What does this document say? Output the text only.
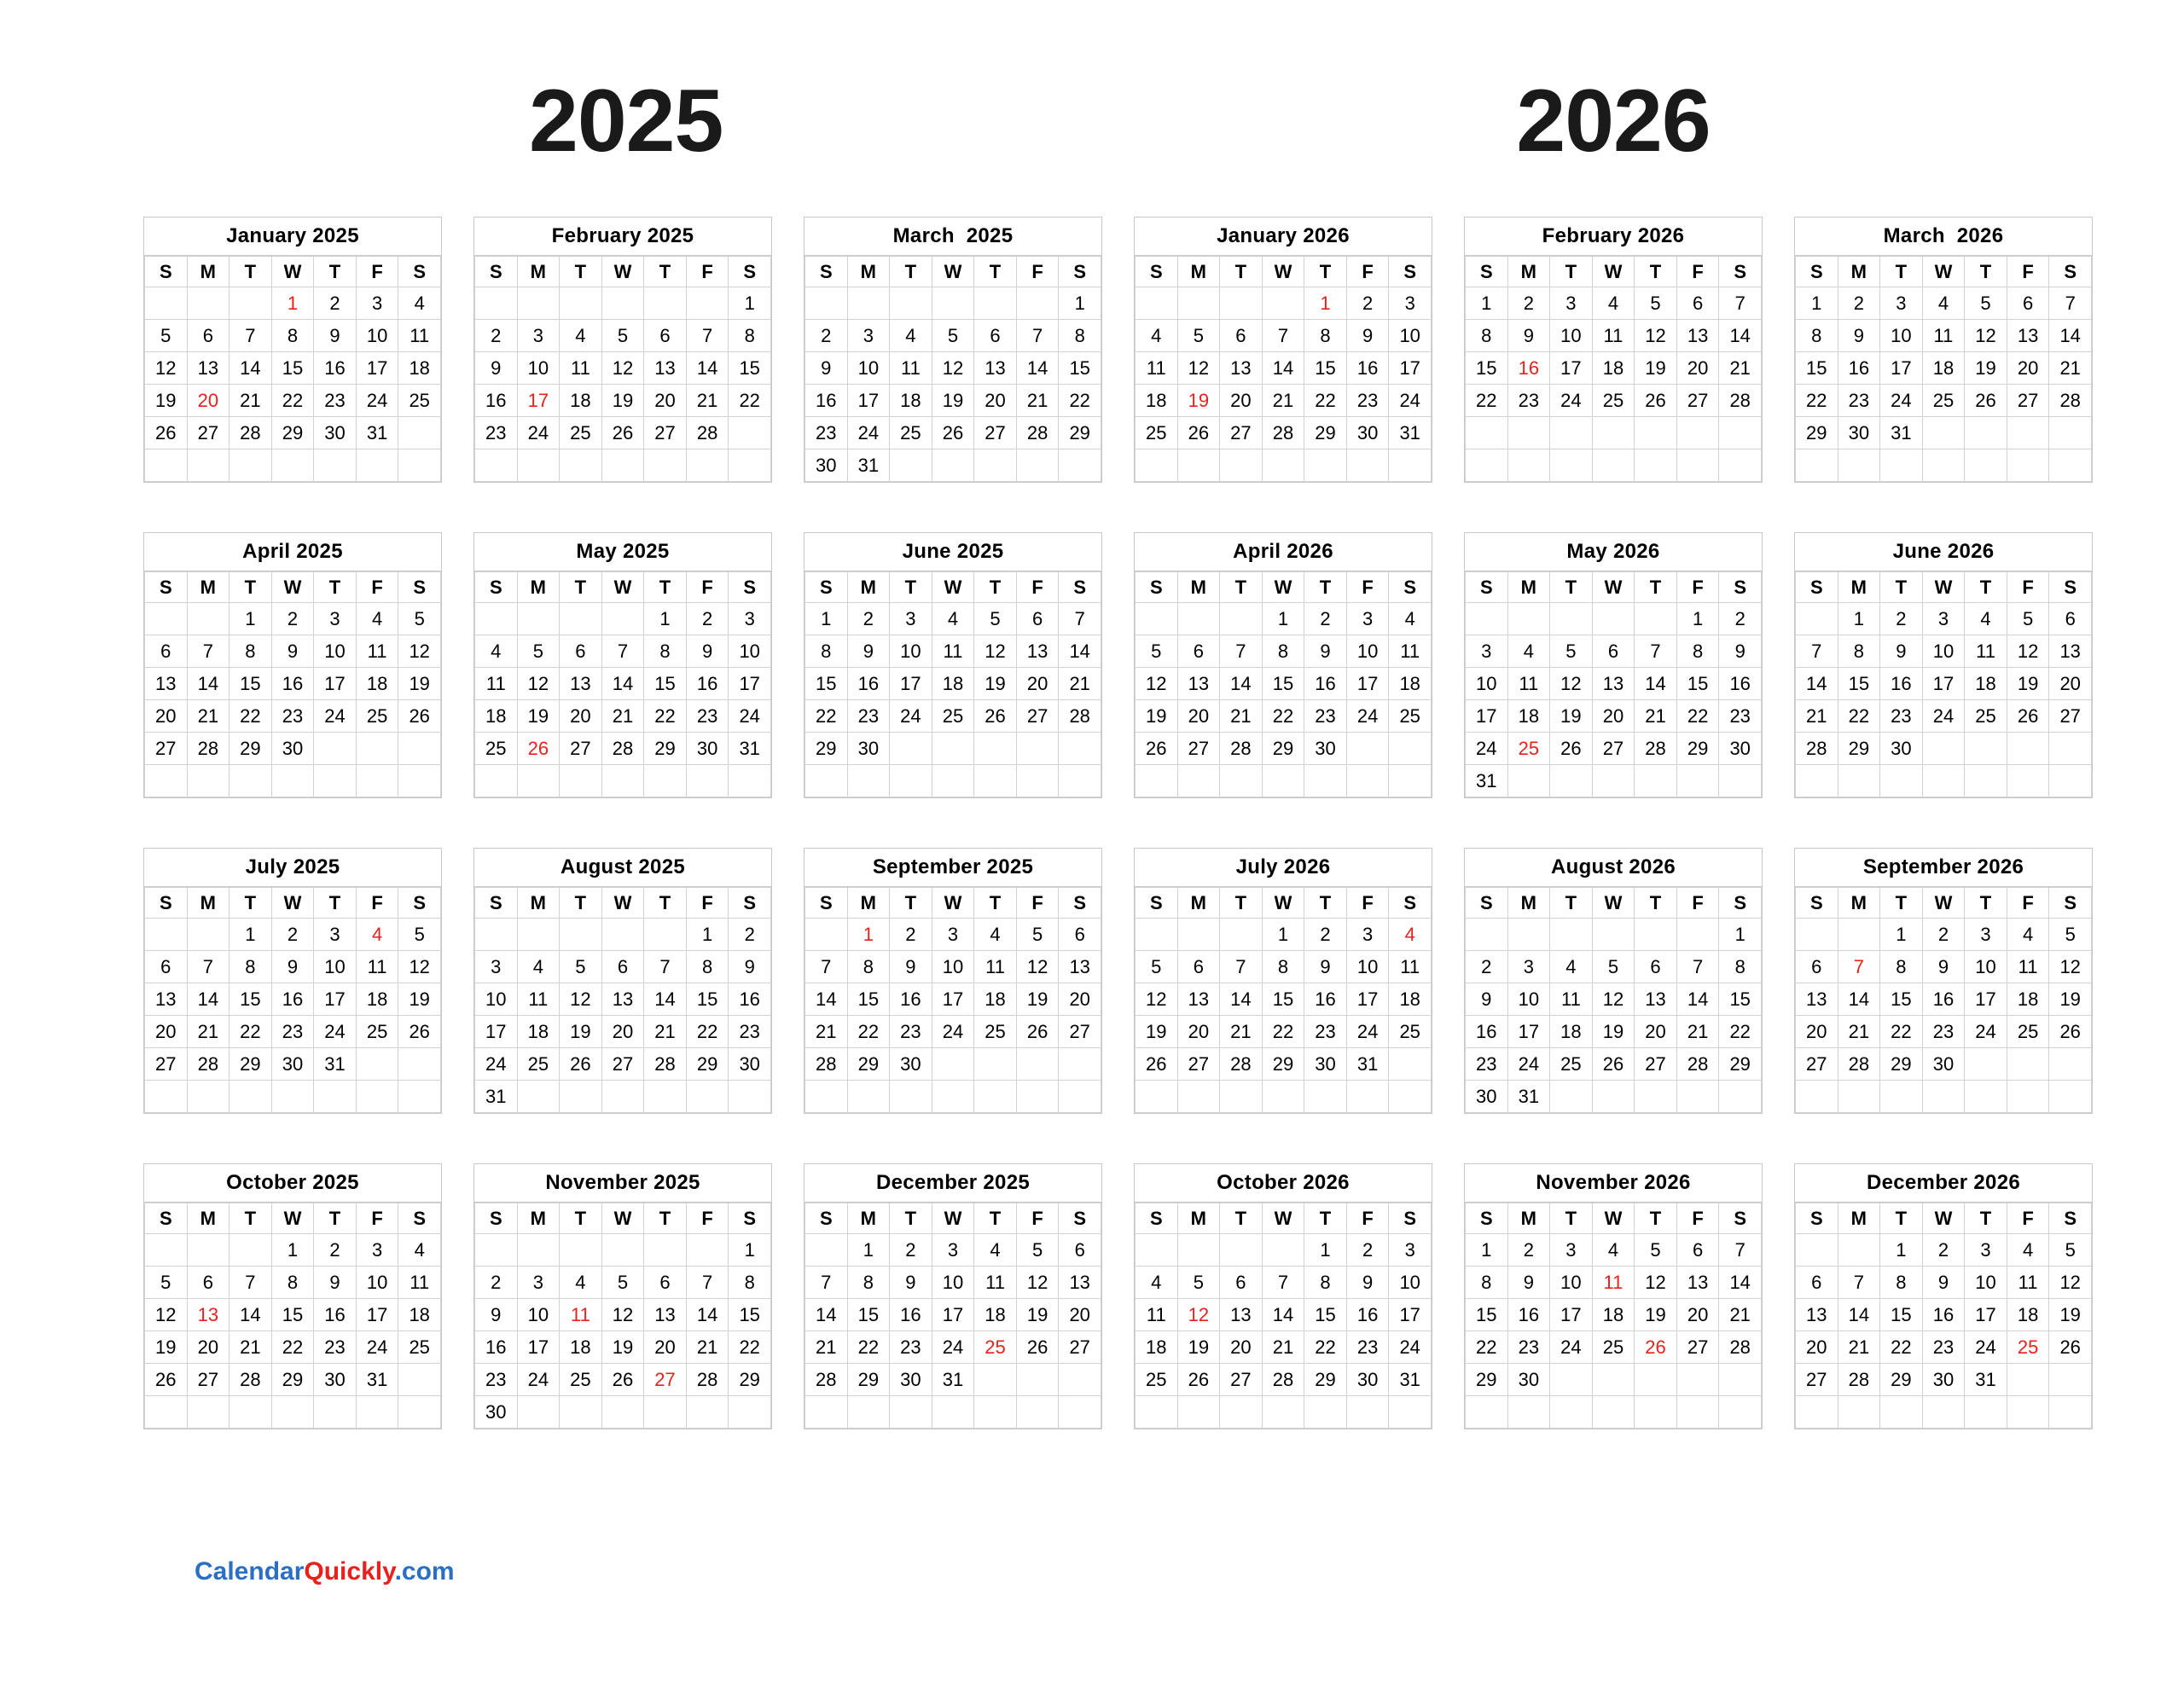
2025	2026
January 2025
S	M	T	W	T	F	S
			1	2	3	4
5	6	7	8	9	10	11
12	13	14	15	16	17	18
19	20	21	22	23	24	25
26	27	28	29	30	31	

February 2025
S	M	T	W	T	F	S
						1
2	3	4	5	6	7	8
9	10	11	12	13	14	15
16	17	18	19	20	21	22
23	24	25	26	27	28	

March  2025
S	M	T	W	T	F	S
						1
2	3	4	5	6	7	8
9	10	11	12	13	14	15
16	17	18	19	20	21	22
23	24	25	26	27	28	29
30	31					
January 2026
S	M	T	W	T	F	S
				1	2	3
4	5	6	7	8	9	10
11	12	13	14	15	16	17
18	19	20	21	22	23	24
25	26	27	28	29	30	31

February 2026
S	M	T	W	T	F	S
1	2	3	4	5	6	7
8	9	10	11	12	13	14
15	16	17	18	19	20	21
22	23	24	25	26	27	28

March  2026
S	M	T	W	T	F	S
1	2	3	4	5	6	7
8	9	10	11	12	13	14
15	16	17	18	19	20	21
22	23	24	25	26	27	28
29	30	31				

April 2025
S	M	T	W	T	F	S
		1	2	3	4	5
6	7	8	9	10	11	12
13	14	15	16	17	18	19
20	21	22	23	24	25	26
27	28	29	30			

May 2025
S	M	T	W	T	F	S
				1	2	3
4	5	6	7	8	9	10
11	12	13	14	15	16	17
18	19	20	21	22	23	24
25	26	27	28	29	30	31

June 2025
S	M	T	W	T	F	S
1	2	3	4	5	6	7
8	9	10	11	12	13	14
15	16	17	18	19	20	21
22	23	24	25	26	27	28
29	30					

April 2026
S	M	T	W	T	F	S
			1	2	3	4
5	6	7	8	9	10	11
12	13	14	15	16	17	18
19	20	21	22	23	24	25
26	27	28	29	30		

May 2026
S	M	T	W	T	F	S
					1	2
3	4	5	6	7	8	9
10	11	12	13	14	15	16
17	18	19	20	21	22	23
24	25	26	27	28	29	30
31						
June 2026
S	M	T	W	T	F	S
	1	2	3	4	5	6
7	8	9	10	11	12	13
14	15	16	17	18	19	20
21	22	23	24	25	26	27
28	29	30				

July 2025
S	M	T	W	T	F	S
		1	2	3	4	5
6	7	8	9	10	11	12
13	14	15	16	17	18	19
20	21	22	23	24	25	26
27	28	29	30	31		

August 2025
S	M	T	W	T	F	S
					1	2
3	4	5	6	7	8	9
10	11	12	13	14	15	16
17	18	19	20	21	22	23
24	25	26	27	28	29	30
31						
September 2025
S	M	T	W	T	F	S
	1	2	3	4	5	6
7	8	9	10	11	12	13
14	15	16	17	18	19	20
21	22	23	24	25	26	27
28	29	30				

July 2026
S	M	T	W	T	F	S
			1	2	3	4
5	6	7	8	9	10	11
12	13	14	15	16	17	18
19	20	21	22	23	24	25
26	27	28	29	30	31	

August 2026
S	M	T	W	T	F	S
						1
2	3	4	5	6	7	8
9	10	11	12	13	14	15
16	17	18	19	20	21	22
23	24	25	26	27	28	29
30	31					
September 2026
S	M	T	W	T	F	S
		1	2	3	4	5
6	7	8	9	10	11	12
13	14	15	16	17	18	19
20	21	22	23	24	25	26
27	28	29	30			

October 2025
S	M	T	W	T	F	S
			1	2	3	4
5	6	7	8	9	10	11
12	13	14	15	16	17	18
19	20	21	22	23	24	25
26	27	28	29	30	31	

November 2025
S	M	T	W	T	F	S
						1
2	3	4	5	6	7	8
9	10	11	12	13	14	15
16	17	18	19	20	21	22
23	24	25	26	27	28	29
30						
December 2025
S	M	T	W	T	F	S
	1	2	3	4	5	6
7	8	9	10	11	12	13
14	15	16	17	18	19	20
21	22	23	24	25	26	27
28	29	30	31			

October 2026
S	M	T	W	T	F	S
				1	2	3
4	5	6	7	8	9	10
11	12	13	14	15	16	17
18	19	20	21	22	23	24
25	26	27	28	29	30	31

November 2026
S	M	T	W	T	F	S
1	2	3	4	5	6	7
8	9	10	11	12	13	14
15	16	17	18	19	20	21
22	23	24	25	26	27	28
29	30					

December 2026
S	M	T	W	T	F	S
		1	2	3	4	5
6	7	8	9	10	11	12
13	14	15	16	17	18	19
20	21	22	23	24	25	26
27	28	29	30	31		

CalendarQuickly.com
